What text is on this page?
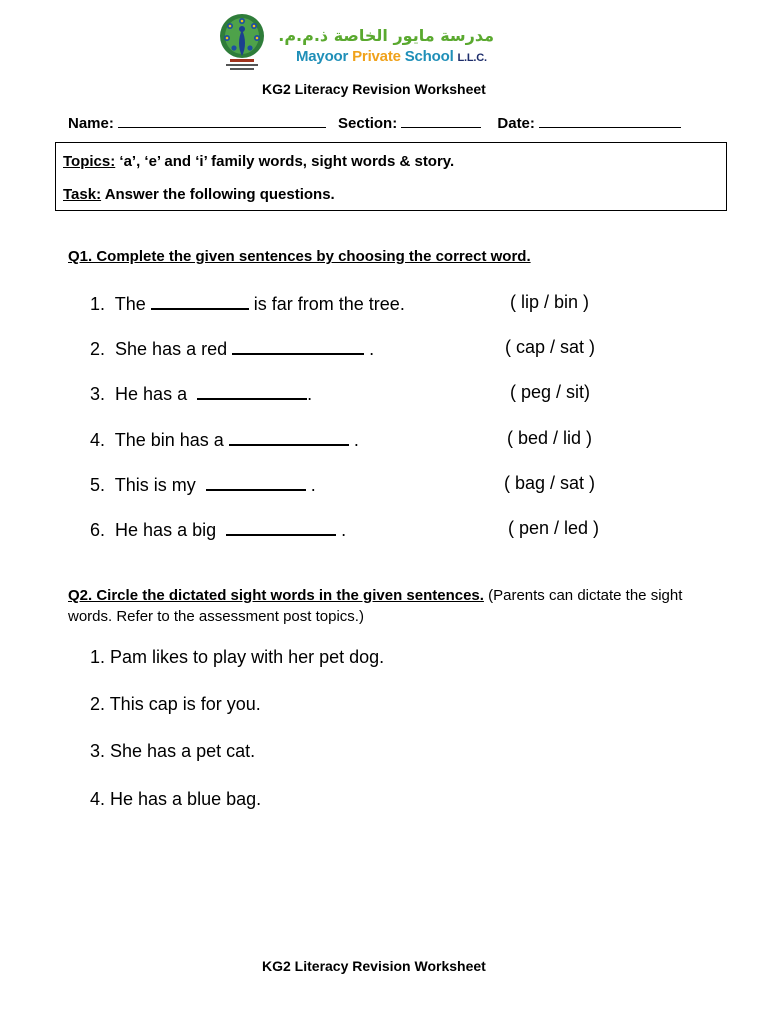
مدرسة مايور الخاصة ذ.م.م.
Mayoor Private School L.L.C.
KG2 Literacy Revision Worksheet
Name:	Section:	Date:
Topics: ‘a’, ‘e’ and ‘i’ family words, sight words & story.
Task: Answer the following questions.
Q1. Complete the given sentences by choosing the correct word.
1. The	is far from the tree.	( lip / bin )
2. She has a red	.	( cap / sat )
3. He has a	.	( peg / sit)
4. The bin has a	.	( bed / lid )
5. This is my	.	( bag / sat )
6. He has a big	.	( pen / led )
Q2. Circle the dictated sight words in the given sentences. (Parents can dictate the sight words. Refer to the assessment post topics.)
1. Pam likes to play with her pet dog.
2. This cap is for you.
3. She has a pet cat.
4. He has a blue bag.
KG2 Literacy Revision Worksheet
